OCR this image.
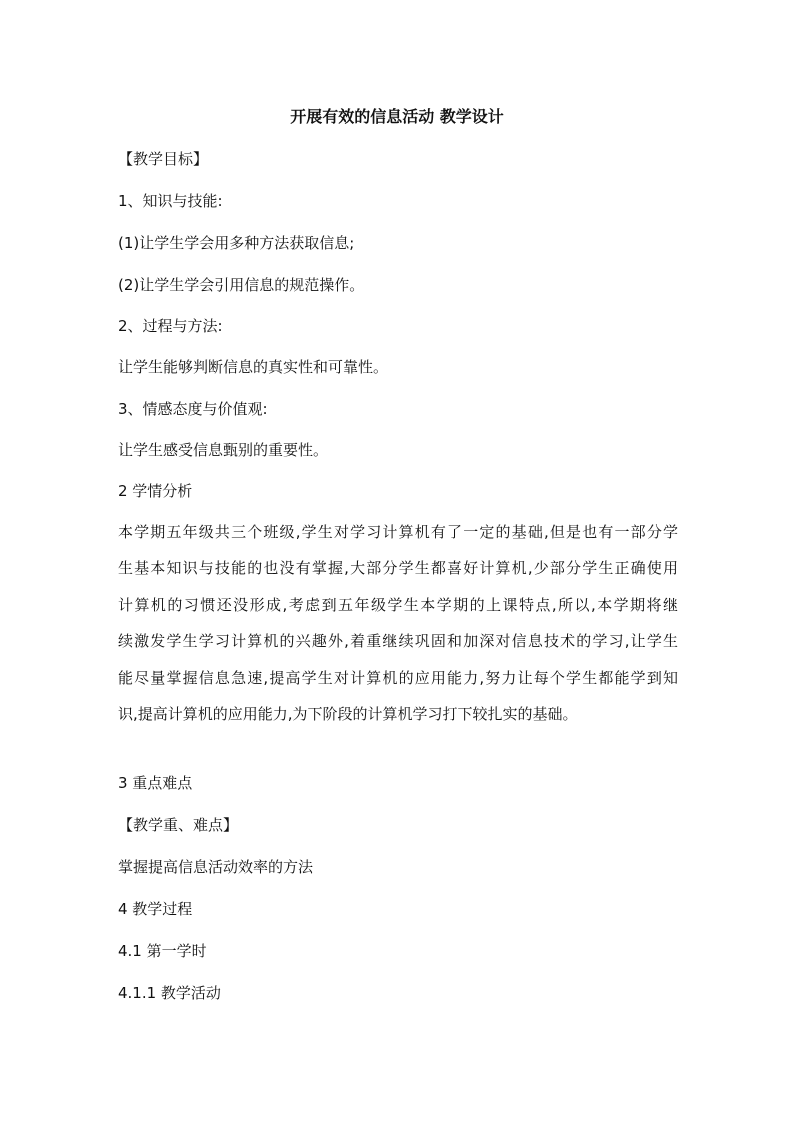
开展有效的信息活动 教学设计
【教学目标】
1、知识与技能:
(1)让学生学会用多种方法获取信息;
(2)让学生学会引用信息的规范操作。
2、过程与方法:
让学生能够判断信息的真实性和可靠性。
3、情感态度与价值观:
让学生感受信息甄别的重要性。
2 学情分析
本学期五年级共三个班级,学生对学习计算机有了一定的基础,但是也有一部分学
生基本知识与技能的也没有掌握,大部分学生都喜好计算机,少部分学生正确使用
计算机的习惯还没形成,考虑到五年级学生本学期的上课特点,所以,本学期将继
续激发学生学习计算机的兴趣外,着重继续巩固和加深对信息技术的学习,让学生
能尽量掌握信息急速,提高学生对计算机的应用能力,努力让每个学生都能学到知
识,提高计算机的应用能力,为下阶段的计算机学习打下较扎实的基础。
3 重点难点
【教学重、难点】
掌握提高信息活动效率的方法
4 教学过程
4.1 第一学时
4.1.1 教学活动
